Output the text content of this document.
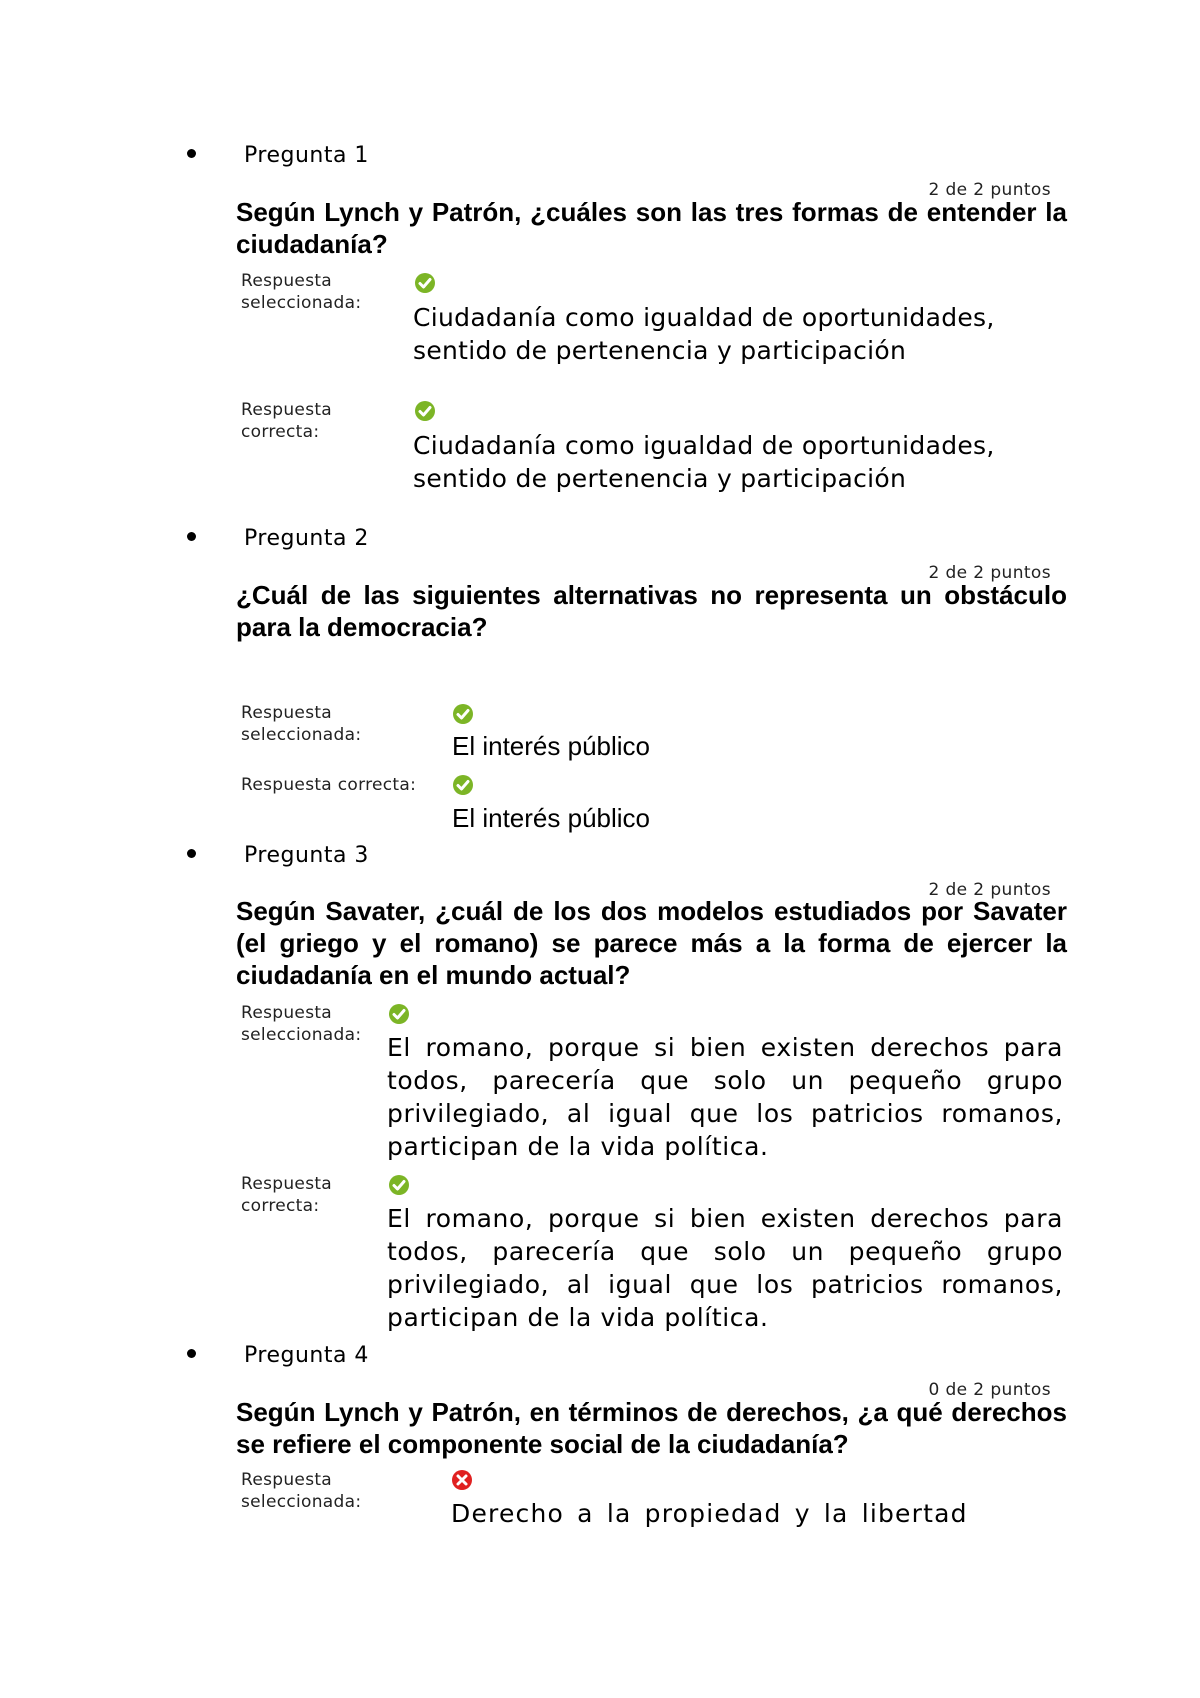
Pregunta 1
2 de 2 puntos
Según Lynch y Patrón, ¿cuáles son las tres formas de entender la ciudadanía?
Respuesta seleccionada:	Ciudadanía como igualdad de oportunidades, sentido de pertenencia y participación
Respuesta correcta:	Ciudadanía como igualdad de oportunidades, sentido de pertenencia y participación
Pregunta 2
2 de 2 puntos
¿Cuál de las siguientes alternativas no representa un obstáculo para la democracia?
Respuesta seleccionada:	El interés público
Respuesta correcta:
El interés público
Pregunta 3
2 de 2 puntos
Según Savater, ¿cuál de los dos modelos estudiados por Savater (el griego y el romano) se parece más a la forma de ejercer la ciudadanía en el mundo actual?
Respuesta seleccionada:	El romano, porque si bien existen derechos para todos, parecería que solo un pequeño grupo privilegiado, al igual que los patricios romanos, participan de la vida política.
Respuesta correcta:	El romano, porque si bien existen derechos para todos, parecería que solo un pequeño grupo privilegiado, al igual que los patricios romanos, participan de la vida política.
Pregunta 4
0 de 2 puntos
Según Lynch y Patrón, en términos de derechos, ¿a qué derechos se refiere el componente social de la ciudadanía?
Respuesta seleccionada:	Derecho a la propiedad y la libertad
